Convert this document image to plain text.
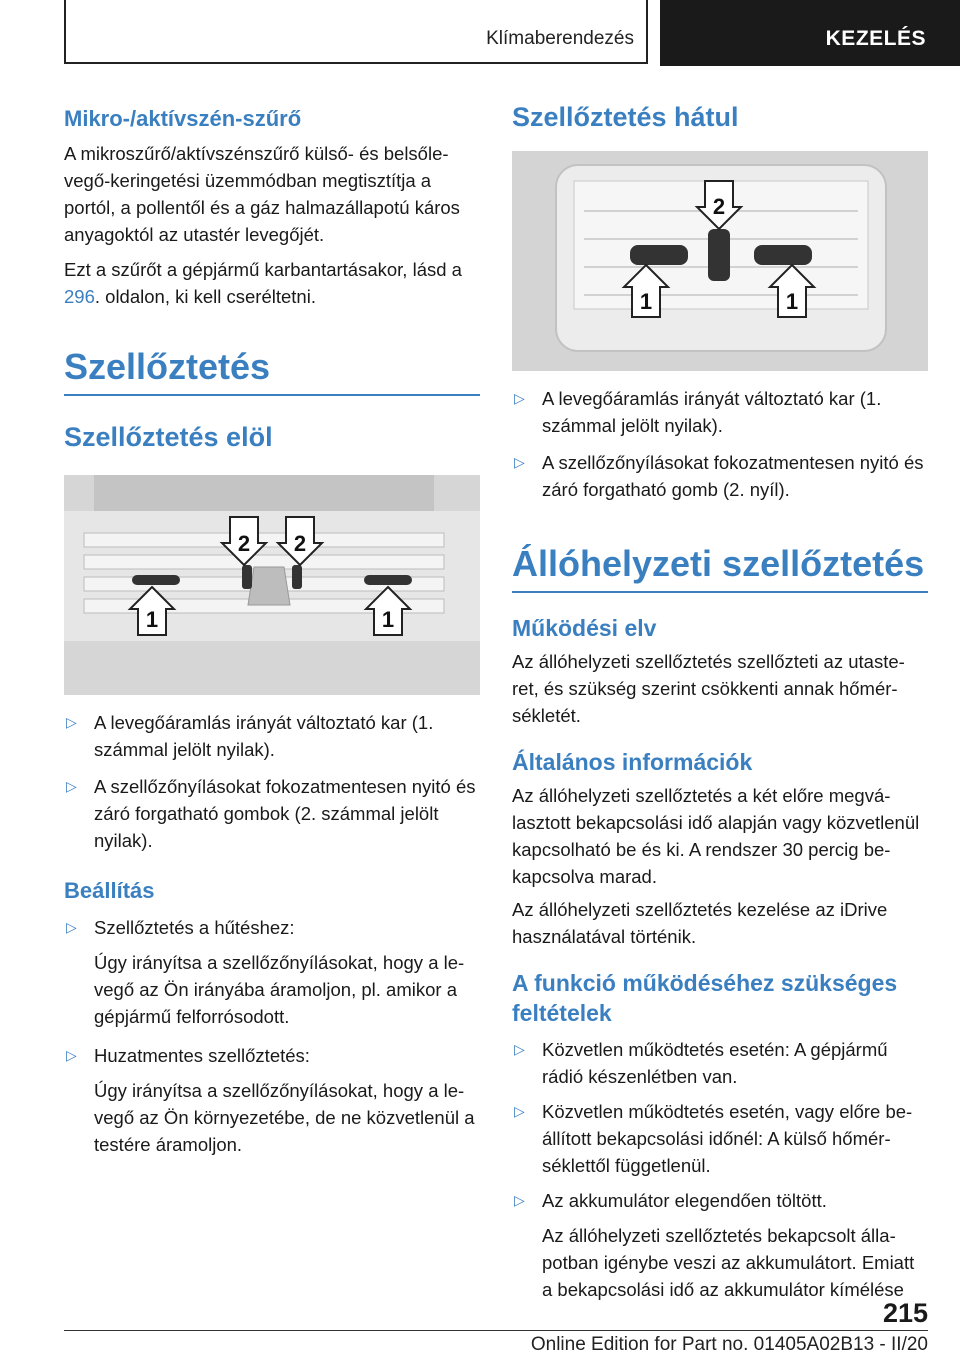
Klímaberendezés	KEZELÉS
Mikro-/aktívszén-szűrő

A mikroszűrő/aktívszénszűrő külső- és belsőle-vegő-keringetési üzemmódban megtisztítja a portól, a pollentől és a gáz halmazállapotú káros anyagoktól az utastér levegőjét.

Ezt a szűrőt a gépjármű karbantartásakor, lásd a 296. oldalon, ki kell cseréltetni.

Szellőztetés
Szellőztetés elöl
2 2
1	1
▷ A levegőáramlás irányát változtató kar (1. számmal jelölt nyilak).
▷ A szellőzőnyílásokat fokozatmentesen nyitó és záró forgatható gombok (2. számmal jelölt nyilak).
Beállítás
▷ Szellőztetés a hűtéshez:
Úgy irányítsa a szellőzőnyílásokat, hogy a le-vegő az Ön irányába áramoljon, pl. amikor a gépjármű felforrósodott.
▷ Huzatmentes szellőztetés:
Úgy irányítsa a szellőzőnyílásokat, hogy a le-vegő az Ön környezetébe, de ne közvetlenül a testére áramoljon.
Szellőztetés hátul
2
1	1
▷ A levegőáramlás irányát változtató kar (1. számmal jelölt nyilak).
▷ A szellőzőnyílásokat fokozatmentesen nyitó és záró forgatható gomb (2. nyíl).
Állóhelyzeti szellőztetés
Működési elv

Az állóhelyzeti szellőztetés szellőzteti az utaste-ret, és szükség szerint csökkenti annak hőmér-sékletét.

Általános információk

Az állóhelyzeti szellőztetés a két előre megvá-lasztott bekapcsolási idő alapján vagy közvetlenül kapcsolható be és ki. A rendszer 30 percig be-kapcsolva marad.

Az állóhelyzeti szellőztetés kezelése az iDrive használatával történik.

A funkció működéséhez szükséges feltételek
▷ Közvetlen működtetés esetén: A gépjármű rádió készenlétben van.
▷ Közvetlen működtetés esetén, vagy előre be-állított bekapcsolási időnél: A külső hőmér-séklettől függetlenül.
▷ Az akkumulátor elegendően töltött.
Az állóhelyzeti szellőztetés bekapcsolt álla-potban igénybe veszi az akkumulátort. Emiatt a bekapcsolási idő az akkumulátor kímélése
215
Online Edition for Part no. 01405A02B13 - II/20
